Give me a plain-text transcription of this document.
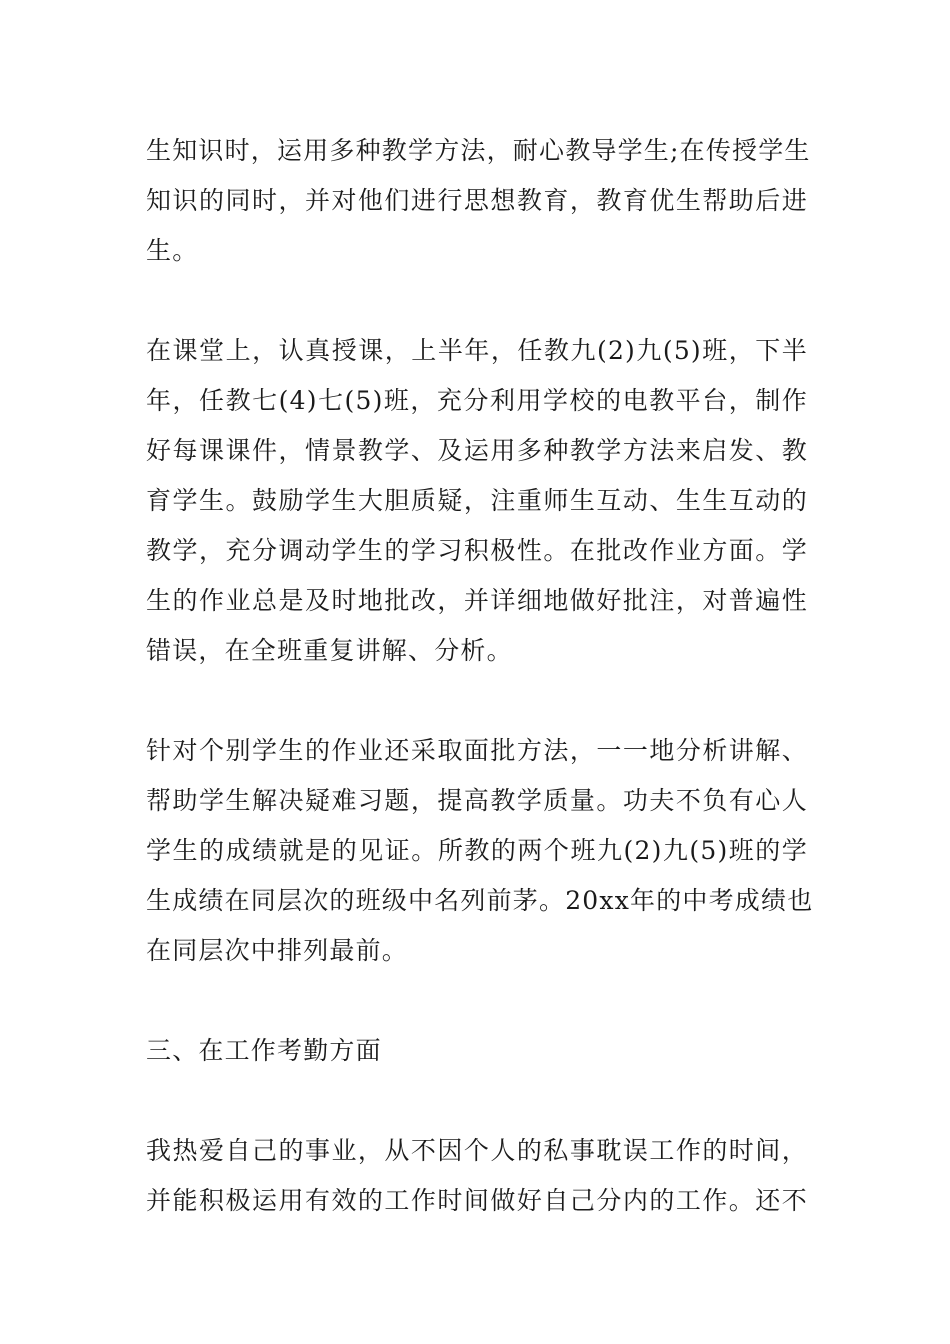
生知识时，运用多种教学方法，耐心教导学生;在传授学生
知识的同时，并对他们进行思想教育，教育优生帮助后进
生。
在课堂上，认真授课，上半年，任教九(2)九(5)班，下半
年，任教七(4)七(5)班，充分利用学校的电教平台，制作
好每课课件，情景教学、及运用多种教学方法来启发、教
育学生。鼓励学生大胆质疑，注重师生互动、生生互动的
教学，充分调动学生的学习积极性。在批改作业方面。学
生的作业总是及时地批改，并详细地做好批注，对普遍性
错误，在全班重复讲解、分析。
针对个别学生的作业还采取面批方法，一一地分析讲解、
帮助学生解决疑难习题，提高教学质量。功夫不负有心人
学生的成绩就是的见证。所教的两个班九(2)九(5)班的学
生成绩在同层次的班级中名列前茅。20xx年的中考成绩也
在同层次中排列最前。
三、在工作考勤方面
我热爱自己的事业，从不因个人的私事耽误工作的时间，
并能积极运用有效的工作时间做好自己分内的工作。还不
